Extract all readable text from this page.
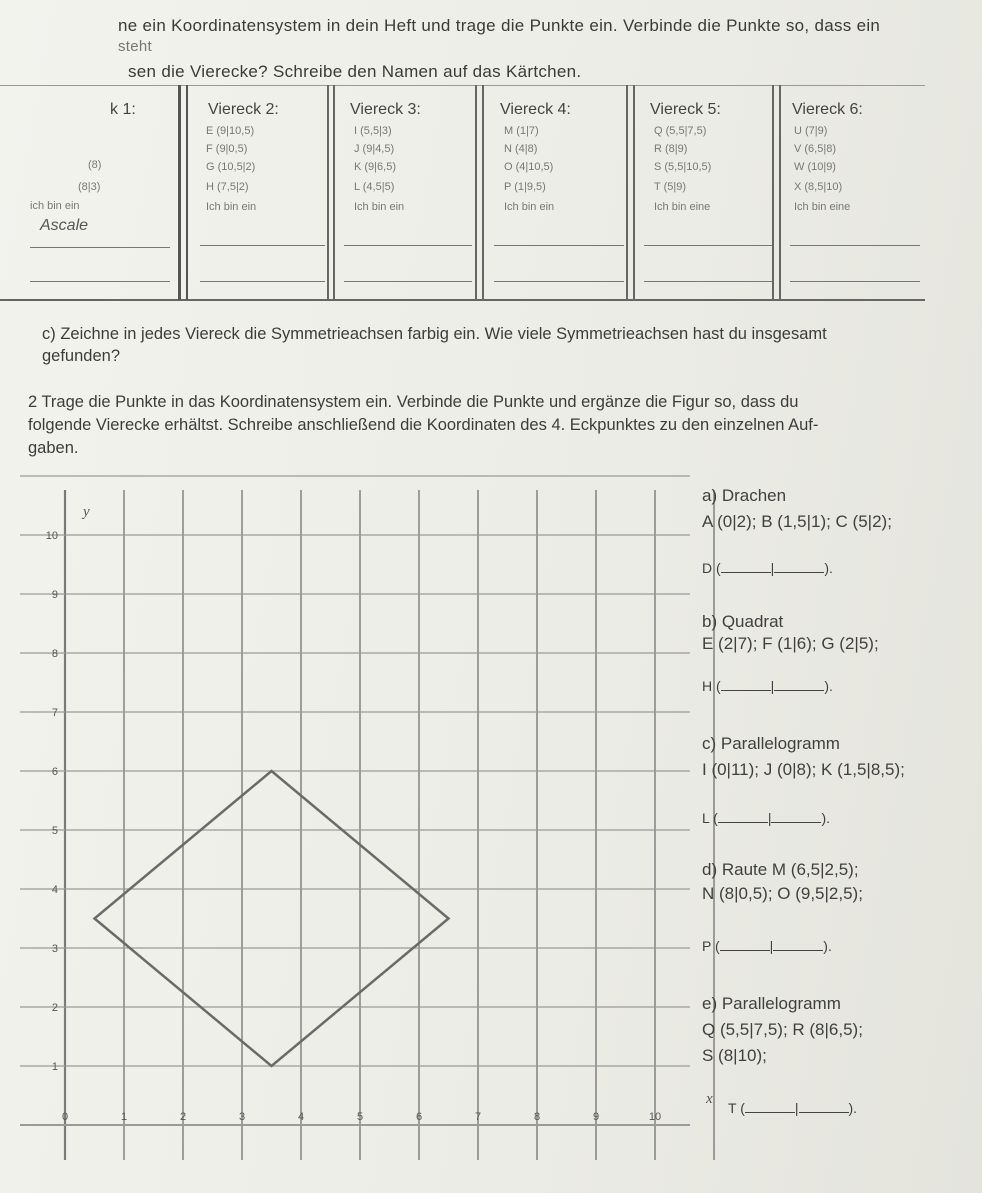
ne ein Koordinatensystem in dein Heft und trage die Punkte ein. Verbinde die Punkte so, dass ein
steht
sen die Vierecke? Schreibe den Namen auf das Kärtchen.
k 1:
(8)
(8|3)
ich bin ein
Ascale
Viereck 2:
E (9|10,5)
F (9|0,5)
G (10,5|2)
H (7,5|2)
Ich bin ein
Viereck 3:
I (5,5|3)
J (9|4,5)
K (9|6,5)
L (4,5|5)
Ich bin ein
Viereck 4:
M (1|7)
N (4|8)
O (4|10,5)
P (1|9,5)
Ich bin ein
Viereck 5:
Q (5,5|7,5)
R (8|9)
S (5,5|10,5)
T (5|9)
Ich bin eine
Viereck 6:
U (7|9)
V (6,5|8)
W (10|9)
X (8,5|10)
Ich bin eine
c) Zeichne in jedes Viereck die Symmetrieachsen farbig ein. Wie viele Symmetrieachsen hast du insgesamt
gefunden?
2 Trage die Punkte in das Koordinatensystem ein. Verbinde die Punkte und ergänze die Figur so, dass du
folgende Vierecke erhältst. Schreibe anschließend die Koordinaten des 4. Eckpunktes zu den einzelnen Auf-
gaben.
0	1	2	3	4	5	6	7	8	9	10
1
2
3
4
5
6
7
8
9
10
y
x
a) Drachen
A (0|2); B (1,5|1); C (5|2);
D (	|	).
b) Quadrat
E (2|7); F (1|6); G (2|5);
H (	|	).
c) Parallelogramm
I (0|11); J (0|8); K (1,5|8,5);
L (	|	).
d) Raute M (6,5|2,5);
N (8|0,5); O (9,5|2,5);
P (	|	).
e) Parallelogramm
Q (5,5|7,5); R (8|6,5);
S (8|10);
T (	|	).
